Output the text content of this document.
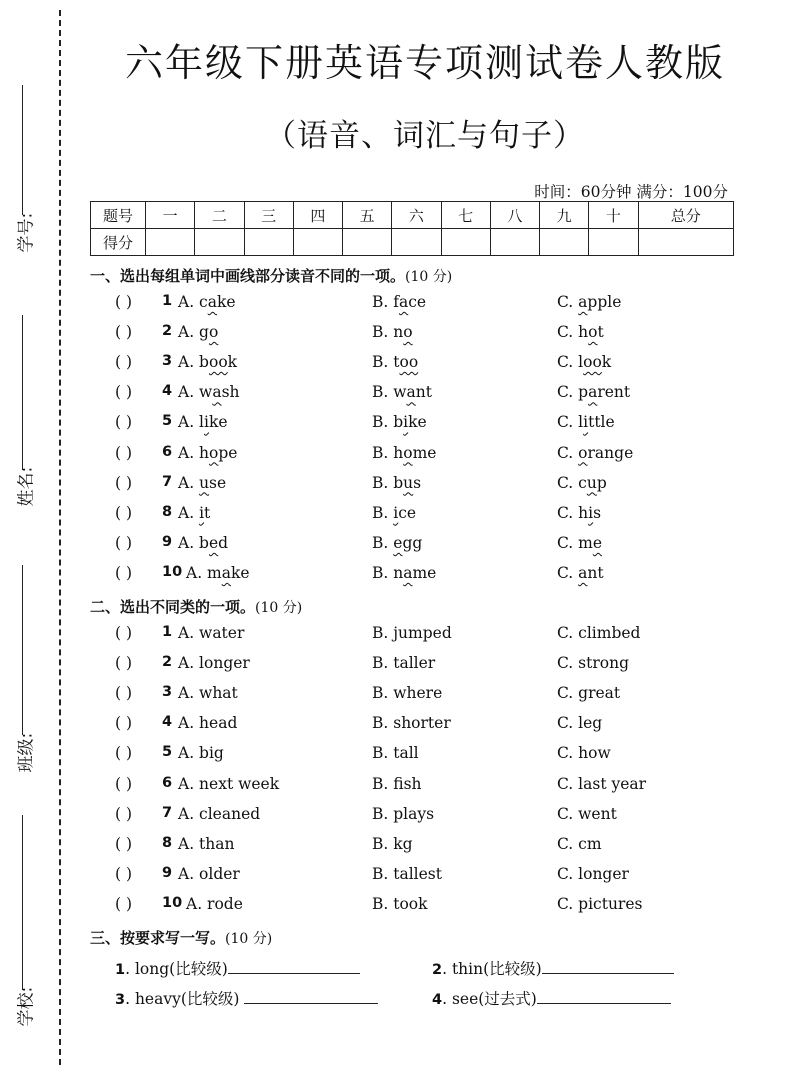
学号:
姓名:
班级:
学校:
六年级下册英语专项测试卷人教版
（语音、词汇与句子）
时间：60分钟 满分：100分
题号	一	二	三	四	五	六	七	八	九	十	总分
得分											
一、选出每组单词中画线部分读音不同的一项。(10 分)
( ) 1 A. cake	B. face	C. apple
( ) 2 A. go	B. no	C. hot
( ) 3 A. book	B. too	C. look
( ) 4 A. wash	B. want	C. parent
( ) 5 A. like	B. bike	C. little
( ) 6 A. hope	B. home	C. orange
( ) 7 A. use	B. bus	C. cup
( ) 8 A. it	B. ice	C. his
( ) 9 A. bed	B. egg	C. me
( ) 10 A. make	B. name	C. ant
二、选出不同类的一项。(10 分)
( ) 1 A. water	B. jumped	C. climbed
( ) 2 A. longer	B. taller	C. strong
( ) 3 A. what	B. where	C. great
( ) 4 A. head	B. shorter	C. leg
( ) 5 A. big	B. tall	C. how
( ) 6 A. next week	B. fish	C. last year
( ) 7 A. cleaned	B. plays	C. went
( ) 8 A. than	B. kg	C. cm
( ) 9 A. older	B. tallest	C. longer
( ) 10 A. rode	B. took	C. pictures
三、按要求写一写。(10 分)
1. long(比较级)	2. thin(比较级)
3. heavy(比较级)	4. see(过去式)
